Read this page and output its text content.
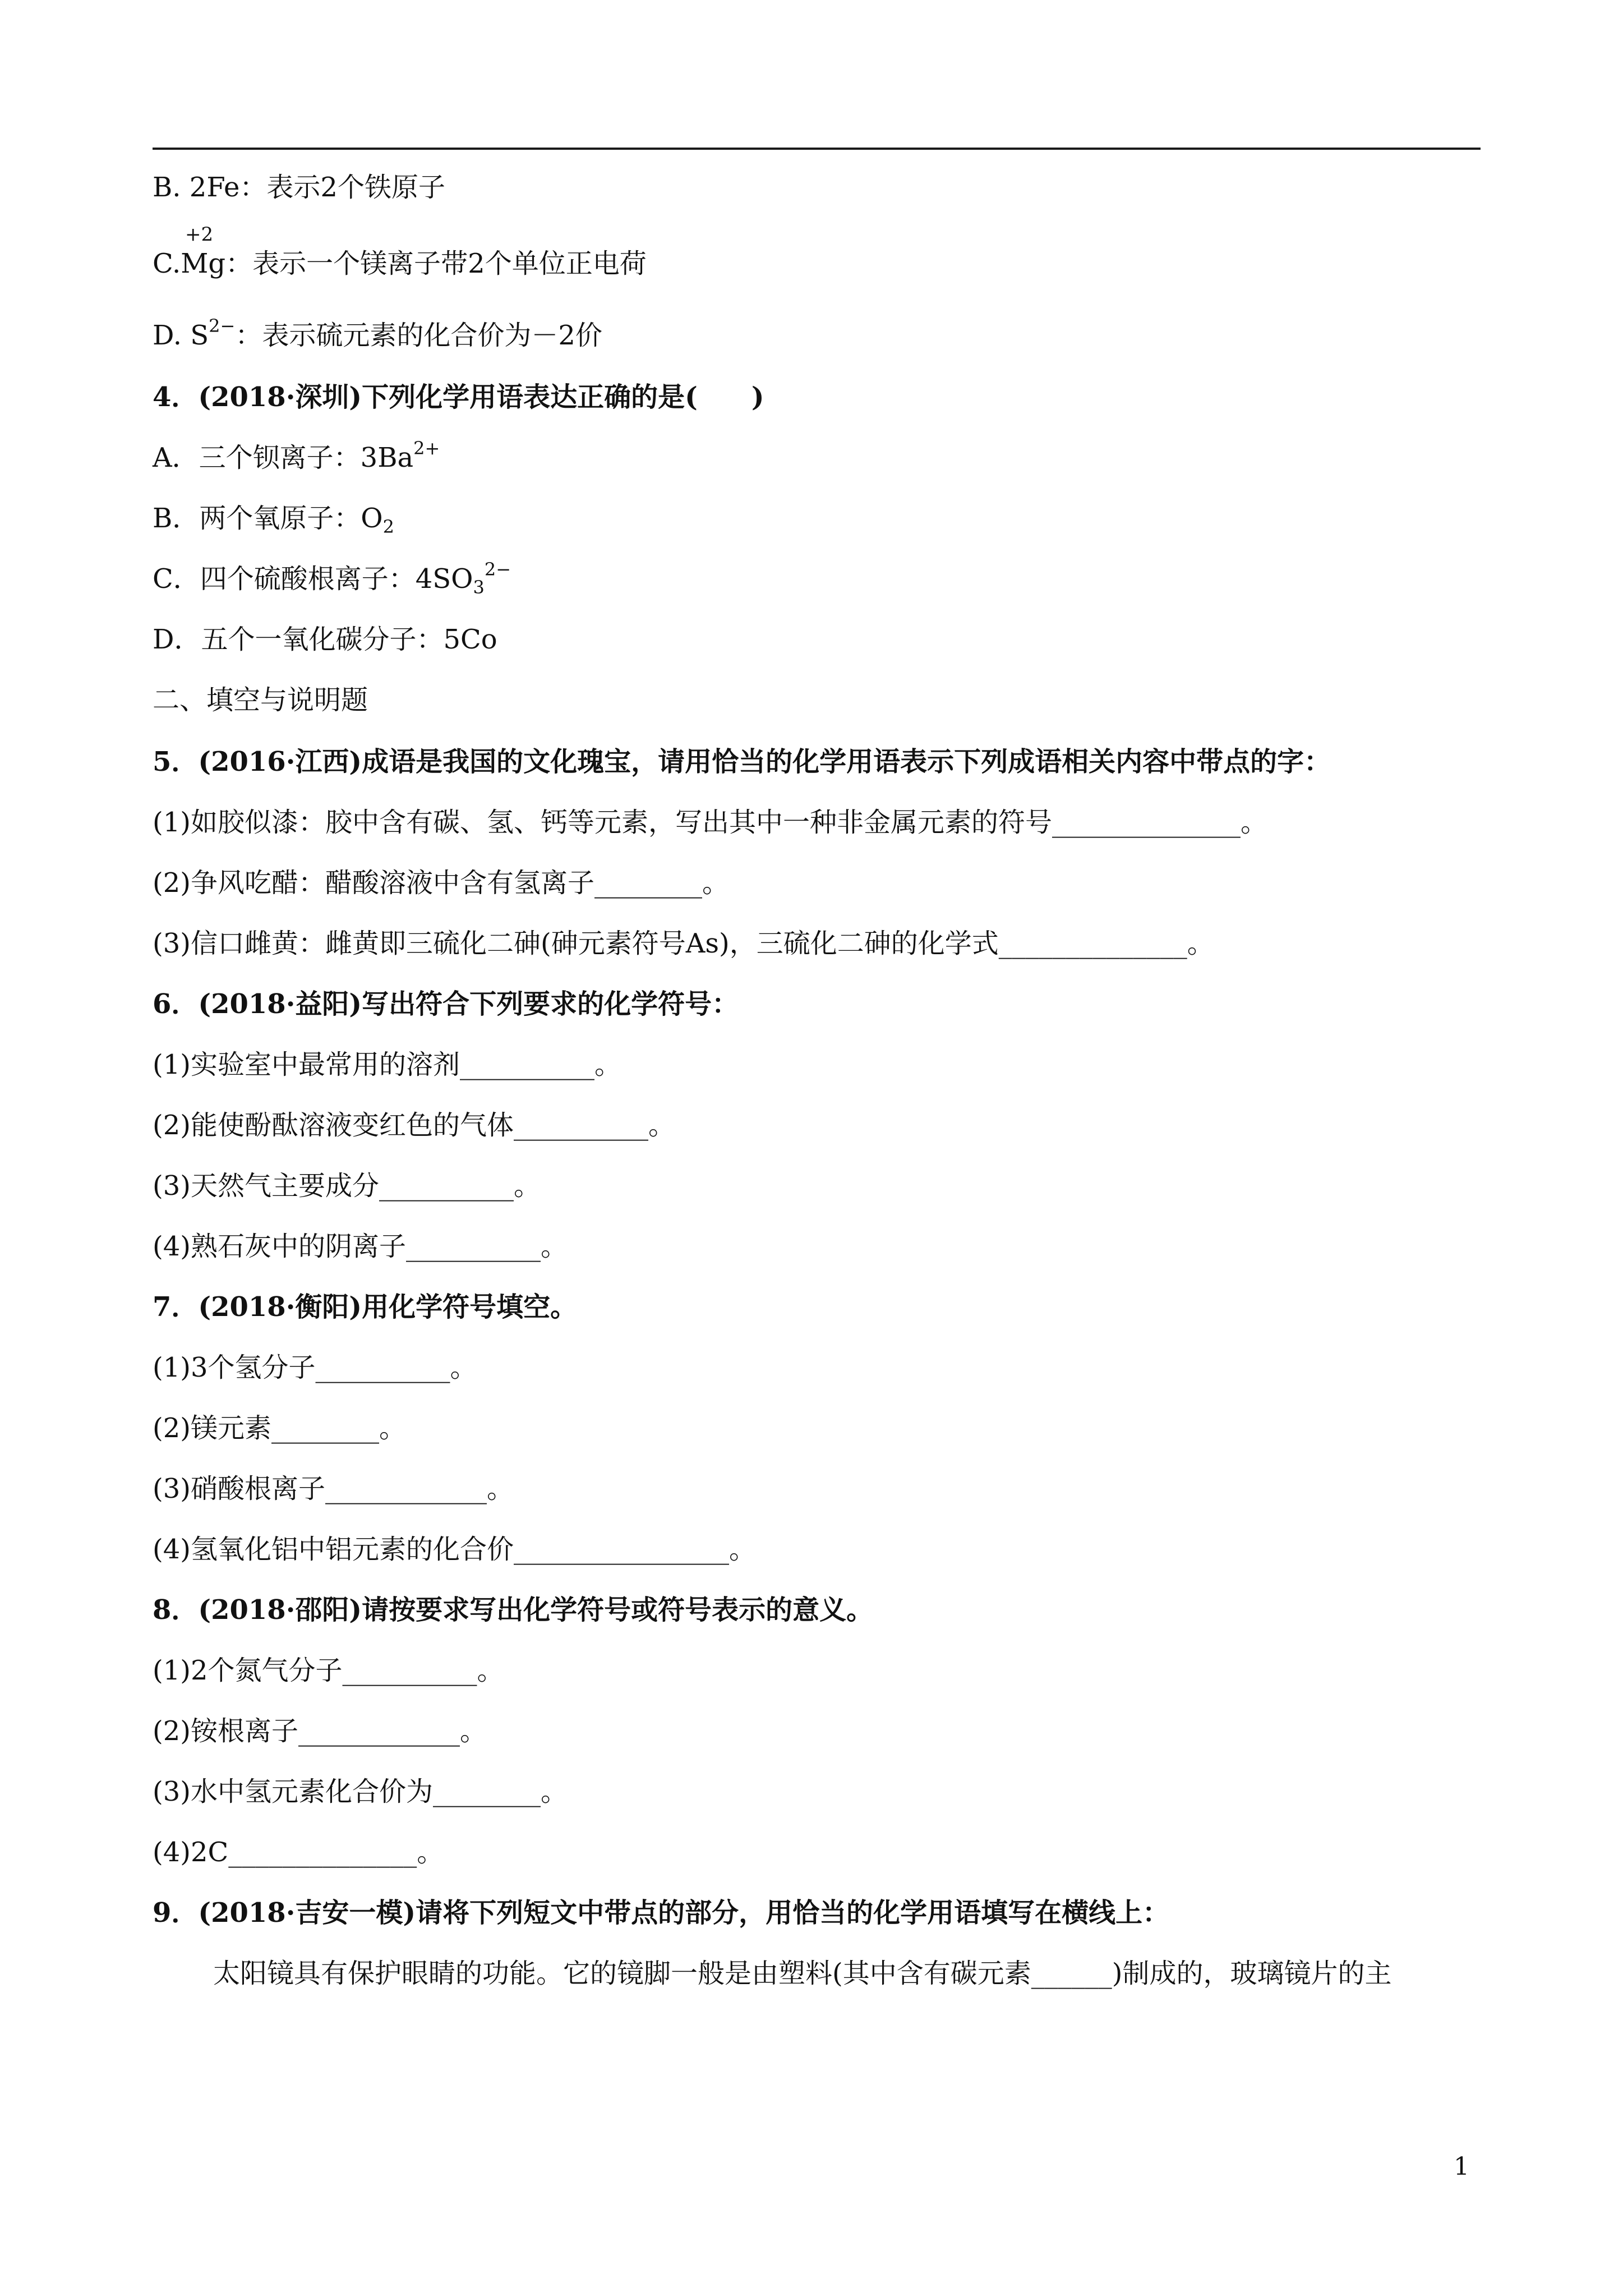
B. 2Fe：表示2个铁原子
+2
C.Mg：表示一个镁离子带2个单位正电荷
D. $S^{2-}$：表示硫元素的化合价为－2价
4．(2018·深圳)下列化学用语表达正确的是(　　)
A．三个钡离子：$3Ba^{2+}$
B．两个氧原子：$O_2$
C．四个硫酸根离子：$4SO_3^{2-}$
D．五个一氧化碳分子：5Co
二、填空与说明题
5．(2016·江西)成语是我国的文化瑰宝，请用恰当的化学用语表示下列成语相关内容中带点的字：
(1)如胶似漆：胶中含有碳、氢、钙等元素，写出其中一种非金属元素的符号______________。
(2)争风吃醋：醋酸溶液中含有氢离子________。
(3)信口雌黄：雌黄即三硫化二砷(砷元素符号As)，三硫化二砷的化学式______________。
6．(2018·益阳)写出符合下列要求的化学符号：
(1)实验室中最常用的溶剂__________。
(2)能使酚酞溶液变红色的气体__________。
(3)天然气主要成分__________。
(4)熟石灰中的阴离子__________。
7．(2018·衡阳)用化学符号填空。
(1)3个氢分子__________。
(2)镁元素________。
(3)硝酸根离子____________。
(4)氢氧化铝中铝元素的化合价________________。
8．(2018·邵阳)请按要求写出化学符号或符号表示的意义。
(1)2个氮气分子__________。
(2)铵根离子____________。
(3)水中氢元素化合价为________。
(4)2C______________。
9．(2018·吉安一模)请将下列短文中带点的部分，用恰当的化学用语填写在横线上：
太阳镜具有保护眼睛的功能。它的镜脚一般是由塑料(其中含有碳元素______)制成的，玻璃镜片的主
1
